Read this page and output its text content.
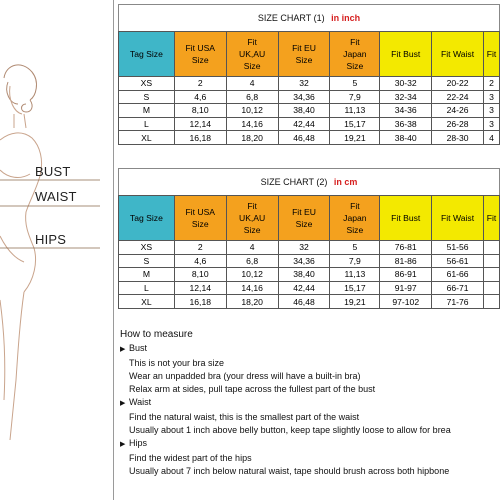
BUST
WAIST
HIPS
SIZE CHART (1) in inch
Tag Size	Fit USA Size	Fit UK,AU Size	Fit EU Size	Fit Japan Size	Fit Bust	Fit Waist	Fit
XS	2	4	32	5	30-32	20-22	2
S	4,6	6,8	34,36	7,9	32-34	22-24	3
M	8,10	10,12	38,40	11,13	34-36	24-26	3
L	12,14	14,16	42,44	15,17	36-38	26-28	3
XL	16,18	18,20	46,48	19,21	38-40	28-30	4
SIZE CHART (2) in cm
Tag Size	Fit USA Size	Fit UK,AU Size	Fit EU Size	Fit Japan Size	Fit Bust	Fit Waist	Fit
XS	2	4	32	5	76-81	51-56	
S	4,6	6,8	34,36	7,9	81-86	56-61	
M	8,10	10,12	38,40	11,13	86-91	61-66	
L	12,14	14,16	42,44	15,17	91-97	66-71	
XL	16,18	18,20	46,48	19,21	97-102	71-76	
How to measure
▶ Bust
This is not your bra size
Wear an unpadded bra (your dress will have a built-in bra)
Relax arm at sides, pull tape across the fullest part of the bust
▶ Waist
Find the natural waist, this is the smallest part of the waist
Usually about 1 inch above belly button, keep tape slightly loose to allow for brea
▶ Hips
Find the widest part of the hips
Usually about 7 inch below natural waist, tape should brush across both hipbone
